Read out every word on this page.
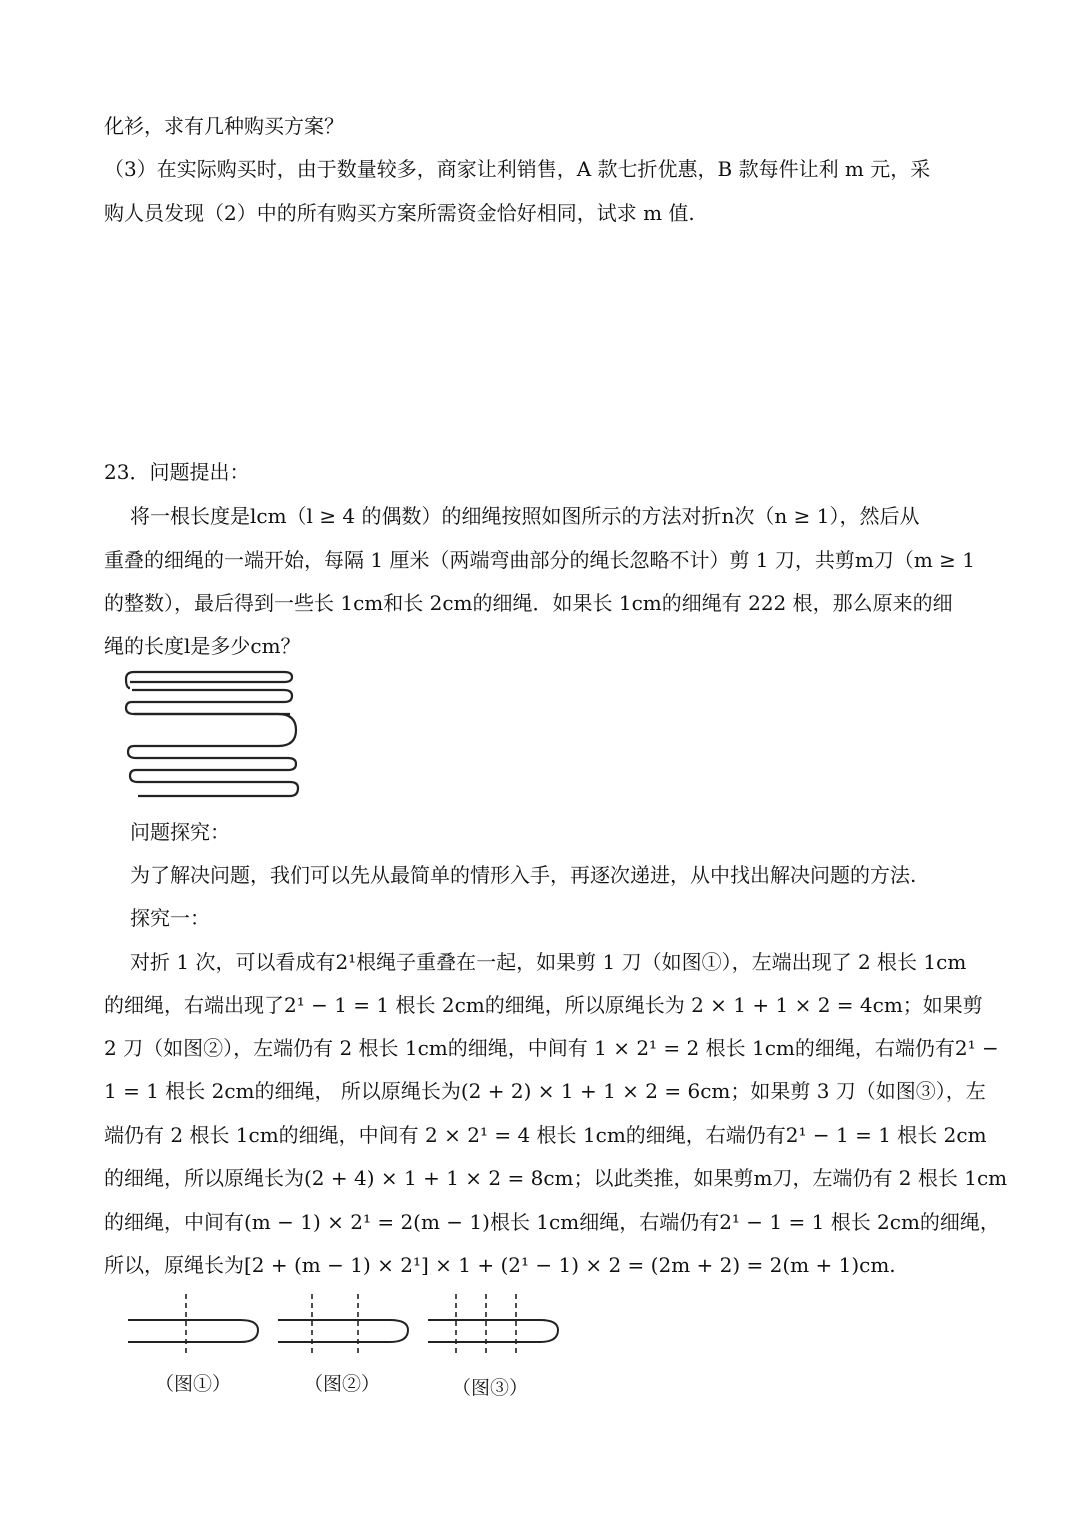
化衫，求有几种购买方案？
（3）在实际购买时，由于数量较多，商家让利销售，A 款七折优惠，B 款每件让利 m 元，采
购人员发现（2）中的所有购买方案所需资金恰好相同，试求 m 值.
23．问题提出：
将一根长度是lcm（l ≥ 4 的偶数）的细绳按照如图所示的方法对折n次（n ≥ 1），然后从
重叠的细绳的一端开始，每隔 1 厘米（两端弯曲部分的绳长忽略不计）剪 1 刀，共剪m刀（m ≥ 1
的整数），最后得到一些长 1cm和长 2cm的细绳．如果长 1cm的细绳有 222 根，那么原来的细
绳的长度l是多少cm？
问题探究：
为了解决问题，我们可以先从最简单的情形入手，再逐次递进，从中找出解决问题的方法.
探究一：
对折 1 次，可以看成有2¹根绳子重叠在一起，如果剪 1 刀（如图①），左端出现了 2 根长 1cm
的细绳，右端出现了2¹ − 1 = 1 根长 2cm的细绳，所以原绳长为 2 × 1 + 1 × 2 = 4cm；如果剪
2 刀（如图②），左端仍有 2 根长 1cm的细绳，中间有 1 × 2¹ = 2 根长 1cm的细绳，右端仍有2¹ −
1 = 1 根长 2cm的细绳， 所以原绳长为(2 + 2) × 1 + 1 × 2 = 6cm；如果剪 3 刀（如图③），左
端仍有 2 根长 1cm的细绳，中间有 2 × 2¹ = 4 根长 1cm的细绳，右端仍有2¹ − 1 = 1 根长 2cm
的细绳，所以原绳长为(2 + 4) × 1 + 1 × 2 = 8cm；以此类推，如果剪m刀，左端仍有 2 根长 1cm
的细绳，中间有(m − 1) × 2¹ = 2(m − 1)根长 1cm细绳，右端仍有2¹ − 1 = 1 根长 2cm的细绳，
所以，原绳长为[2 + (m − 1) × 2¹] × 1 + (2¹ − 1) × 2 = (2m + 2) = 2(m + 1)cm.
（图①）	（图②）	（图③）
